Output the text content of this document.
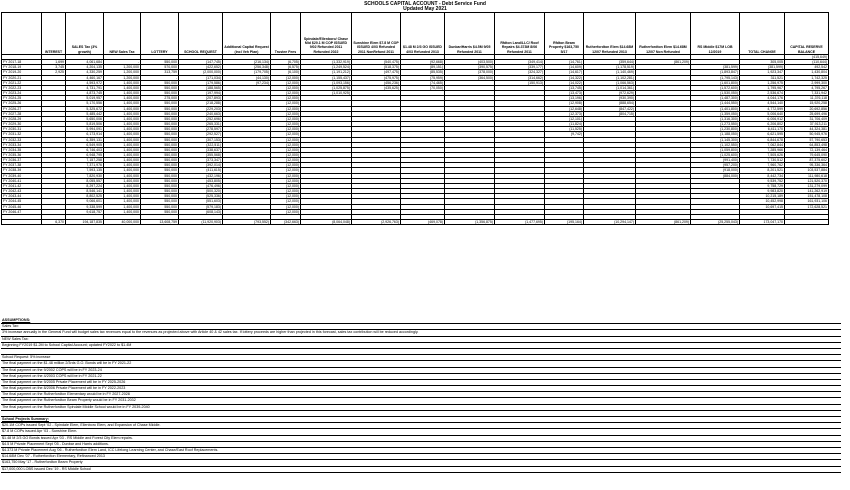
SCHOOLS CAPITAL ACCOUNT - Debt Service Fund
Updated May 2021
	INTEREST	SALES Tax (3% growth)	NEW Sales Tax	LOTTERY	SCHOOL REQUEST	Additional Capital Request (incl Veh Plan)	Trustee Fees	Spindale/Ellenboro/ Chase Mid $20.1 M COP ISSUED 9/02 Refunded 2011 Refunded 2022	Sunshine Elem $7.8 M COP ISSUED 4/03 Refunded 2011 NonRefund 2011	$1.48 M 2/3 GO ISSUED 4/03 Refunded 2013	Dunbar/Harris $4.5M 9/05 Refunded 2011	Rfdton Land/LLC/ Roof Repairs $4.373M 8/06 Refunded 2011	Rfdton Beam Property $163,750 5/17	Rutherfordton Elem $14.68M 12/07 Refunded 2013	Rutherfordton Elem $14.68M 12/07 Non Refunded	RS Middle $17M LOB 12/2019	TOTAL CHANGE	CAPITAL RESERVE BALANCE
																		(415,649)
FY 2017-18	1,699	4,061,684	-	550,000	(147,745)	(216,134)	(6,705)	(1,332,919)	(540,475)	(92,668)	(403,500)	(349,414)	(14,761)	(359,644)	(861,209)		305,005	(110,644)
FY 2018-19	3,745	4,204,135	1,200,000	570,000	(422,652)	(256,348)	(6,575)	(1,249,524)	(518,375)	(89,151)	(390,575)	(339,177)	(14,609)	(1,178,519)		(381,599)	(381,599)	492,542
FY 2019-20	2,925	4,330,259	1,200,000	313,759	(2,000,000)	(179,705)	(6,100)	(1,191,212)	(497,475)	(85,535)	(378,000)	(324,327)	(14,617)	(1,140,469)		(1,893,847)	1,923,347	1,430,804
FY 2020-21		4,460,167	1,200,000	-	(171,034)	(44,130)	(12,000)	(1,155,437)	(475,975)	(75,959)	(364,500)	(314,662)	(14,322)	(1,102,281)		(1,795,143)	311,521	1,742,325
FY 2021-22		4,593,972	1,400,000	550,000	(179,586)	(97,234)	(12,000)	(1,093,156)	(456,236)	(74,465)		(150,913)	(14,022)	(1,066,563)		(1,601,800)	1,256,975	2,999,300
FY 2022-23		4,731,791	1,400,000	550,000	(188,565)		(12,000)	(1,025,875)	(435,625)	(70,050)			(13,745)	(1,014,361)		(1,572,600)	1,795,967	4,795,267
FY 2023-24		4,873,745	1,400,000	550,000	(197,994)		(12,000)	(1,010,925)					(13,473)	(972,629)		(1,530,050)	2,536,674	7,331,942
FY 2024-25		5,019,957	1,400,000	275,000	(207,893)		(12,000)						(13,196)	(930,390)		(1,487,300)	4,044,176	11,376,118
FY 2025-26		5,170,556	1,400,000	550,000	(218,288)		(12,000)						(12,908)	(888,654)		(1,444,550)	4,544,140	15,920,258
FY 2026-27		5,325,672	1,400,000	550,000	(229,203)		(12,000)						(12,648)	(847,422)		(1,401,800)	4,772,599	20,692,856
FY 2027-28		5,485,442	1,400,000	550,000	(240,663)		(12,000)						(12,373)	(804,715)		(1,359,050)	5,006,640	25,699,496
FY 2028-29		5,650,006	1,400,000	550,000	(252,696)		(12,000)						(12,101)			(1,316,300)	6,006,912	31,706,409
FY 2029-30		5,819,506	1,400,000	550,000	(265,331)		(12,000)						(11,824)			(1,273,550)	6,206,802	37,913,211
FY 2030-31		5,994,091	1,400,000	550,000	(278,597)		(12,000)						(11,525)			(1,230,800)	6,411,170	44,324,381
FY 2031-32		6,173,914	1,400,000	550,000	(292,527)		(12,000)						(9,742)			(1,188,050)	6,621,595	50,945,976
FY 2032-33		6,359,131	1,400,000	550,000	(307,153)		(12,000)									(1,145,300)	6,844,678	57,790,653
FY 2033-34		6,549,905	1,400,000	550,000	(322,511)		(12,000)									(1,102,550)	7,062,844	64,853,498
FY 2034-35		6,746,403	1,400,000	550,000	(338,637)		(12,000)									(1,059,800)	7,285,966	72,139,464
FY 2035-36		6,948,795	1,400,000	550,000	(355,568)		(12,000)									(1,025,600)	7,505,626	79,645,090
FY 2036-37		7,157,258	1,400,000	550,000	(373,347)		(12,000)									(991,400)	7,730,512	87,375,602
FY 2037-38		7,371,976	1,400,000	550,000	(392,014)		(12,000)									(957,200)	7,960,762	95,336,364
FY 2038-39		7,593,135	1,400,000	550,000	(411,615)		(12,000)									(918,000)	8,201,521	103,537,884
FY 2039-40		7,820,930	1,400,000	550,000	(432,196)		(12,000)									(884,000)	8,442,734	111,980,618
FY 2040-41		8,055,557	1,400,000	550,000	(453,805)		(12,000)										9,539,752	121,520,370
FY 2041-42		8,297,224	1,400,000	550,000	(476,496)		(12,000)										9,758,729	131,279,099
FY 2042-43		8,546,141	1,400,000	550,000	(500,320)		(12,000)										9,983,820	141,262,919
FY 2043-44		8,802,525	1,400,000	550,000	(525,336)		(12,000)										10,215,189	151,478,108
FY 2044-45		9,066,601	1,400,000	550,000	(551,603)		(12,000)										10,452,998	161,931,106
FY 2045-46		9,338,599	1,400,000	550,000	(579,183)		(12,000)										10,697,415	172,628,521
FY 2046-47		9,618,757	1,400,000	550,000	(608,143)		(12,000)											

	6,370	194,187,835	40,000,000	13,608,759	(11,920,903)	(793,552)	(342,663)	(8,064,048)	(2,926,763)	(469,078)	(1,356,875)	(1,477,695)	(195,164)	(10,294,147)	(861,209)	(25,255,043)	173,047,170	
ASSUMPTIONS:
Sales Tax:
3% increase annually in the General Fund will budget sales tax revenues equal to the revenues as projected above with Article 40 & 42 sales tax. If lottery proceeds are higher than projected in this forecast, sales tax contribution will be reduced accordingly.
NEW Sales Tax:
Beginning FY2019 $1.2M to School Capital Account; updated FY2022 to $1.4M
School Request: 5% increase
The final payment on the $1.48 million 2/3rds G.O. Bonds will be in FY 2021-22
The final payment on the 9/2002 COPS will be in FY 2023-24
The final payment on the 4/2003 COPS will be in FY 2021-22
The final payment on the 9/2005 Private Placement will be in FY 2025-2026
The final payment on the 8/2006 Private Placement will be in FY 2022-2023
The final payment on the Rutherfordton Elementary would be in FY 2027-2028
The final payment on the Rutherfordton Beam Property would be in FY 2031-2032
The final payment on the Rutherfordton Spindale Middle School would be in FY 2039-2040
School Projects Summary:
$20.1M COPs issued Sept '02 - Spindale Elem, Ellenboro Elem, and Expansion of Chase Middle.
$7.8 M COPs issued Apr '03 - Sunshine Elem.
$1.48 M 2/3 GO Bonds issued Apr '03 - RS Middle and Forest City Elem repairs.
$4.5 M Private Placement Sept '05 - Dunbar and Harris additions.
$4.373 M Private Placement Aug '06 - Rutherfordton Elem Land, ICC Lifelong Learning Center, and Chase/East Roof Replacements.
$14.68M Dec '07 - Rutherfordton Elementary, Refinanced 2013
$163,750 May '17 - Rutherfordton Beam Property
$17,000,000 LOBS issued Dec '19 - RS Middle School
